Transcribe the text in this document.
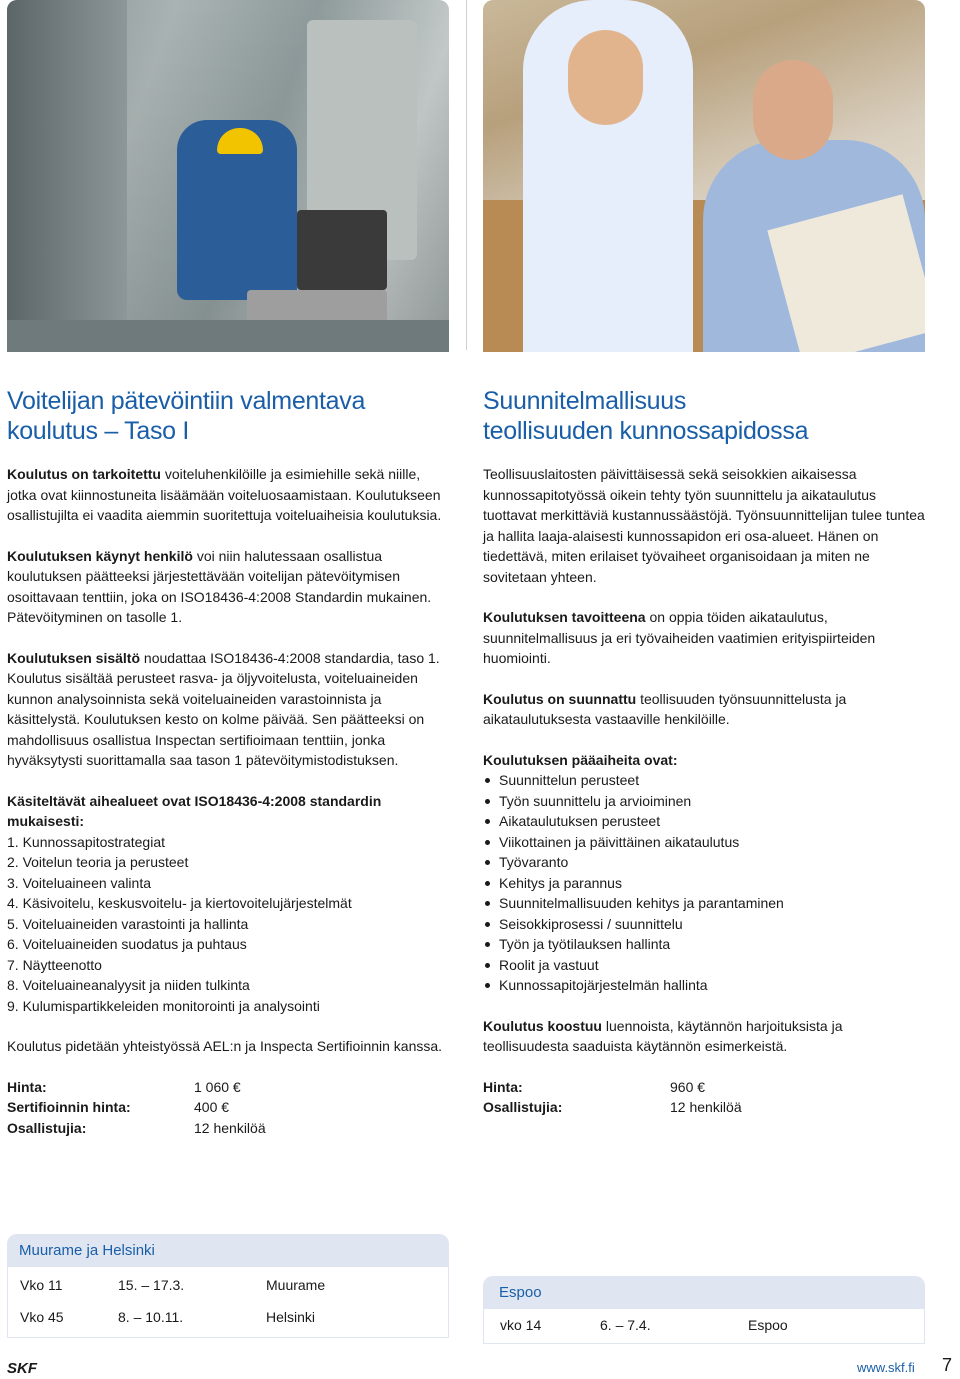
Voitelijan pätevöintiin valmentava
koulutus – Taso I

Koulutus on tarkoitettu voiteluhenkilöille ja esimiehille sekä niille, jotka ovat kiinnostuneita lisäämään voiteluosaamistaan. Koulutukseen osallistujilta ei vaadita aiemmin suoritettuja voiteluaiheisia koulutuksia.

Koulutuksen käynyt henkilö voi niin halutessaan osallistua koulutuksen päätteeksi järjestettävään voitelijan pätevöitymisen osoittavaan tenttiin, joka on ISO18436-4:2008 Standardin mukainen. Pätevöityminen on tasolle 1.

Koulutuksen sisältö noudattaa ISO18436-4:2008 standardia, taso 1. Koulutus sisältää perusteet rasva- ja öljyvoitelusta, voiteluaineiden kunnon analysoinnista sekä voiteluaineiden varastoinnista ja käsittelystä. Koulutuksen kesto on kolme päivää. Sen päätteeksi on mahdollisuus osallistua Inspectan sertifioimaan tenttiin, jonka hyväksytysti suorittamalla saa tason 1 pätevöitymistodistuksen.

Käsiteltävät aihealueet ovat ISO18436-4:2008 standardin mukaisesti:

1. Kunnossapitostrategiat
2. Voitelun teoria ja perusteet
3. Voiteluaineen valinta
4. Käsivoitelu, keskusvoitelu- ja kiertovoitelujärjestelmät
5. Voiteluaineiden varastointi ja hallinta
6. Voiteluaineiden suodatus ja puhtaus
7. Näytteenotto
8. Voiteluaineanalyysit ja niiden tulkinta
9. Kulumispartikkeleiden monitorointi ja analysointi

Koulutus pidetään yhteistyössä AEL:n ja Inspecta Sertifioinnin kanssa.

Hinta:	1 060 €
Sertifioinnin hinta:	400 €
Osallistujia:	12 henkilöä
Muurame ja Helsinki
Vko 11	15. – 17.3.	Muurame
Vko 45	8. – 10.11.	Helsinki
Suunnitelmallisuus
teollisuuden kunnossapidossa

Teollisuuslaitosten päivittäisessä sekä seisokkien aikaisessa kunnossapitotyössä oikein tehty työn suunnittelu ja aikataulutus tuottavat merkittäviä kustannussäästöjä. Työnsuunnittelijan tulee tuntea ja hallita laaja-alaisesti kunnossapidon eri osa-alueet. Hänen on tiedettävä, miten erilaiset työvaiheet organisoidaan ja miten ne sovitetaan yhteen.

Koulutuksen tavoitteena on oppia töiden aikataulutus, suunnitelmallisuus ja eri työvaiheiden vaatimien erityispiirteiden huomiointi.

Koulutus on suunnattu teollisuuden työnsuunnittelusta ja aikataulutuksesta vastaaville henkilöille.

Koulutuksen pääaiheita ovat:

Suunnittelun perusteet
Työn suunnittelu ja arvioiminen
Aikataulutuksen perusteet
Viikottainen ja päivittäinen aikataulutus
Työvaranto
Kehitys ja parannus
Suunnitelmallisuuden kehitys ja parantaminen
Seisokkiprosessi / suunnittelu
Työn ja työtilauksen hallinta
Roolit ja vastuut
Kunnossapitojärjestelmän hallinta

Koulutus koostuu luennoista, käytännön harjoituksista ja teollisuudesta saaduista käytännön esimerkeistä.

Hinta:	960 €
Osallistujia:	12 henkilöä
Espoo
vko 14	6. – 7.4.	Espoo
SKF	www.skf.fi 7
